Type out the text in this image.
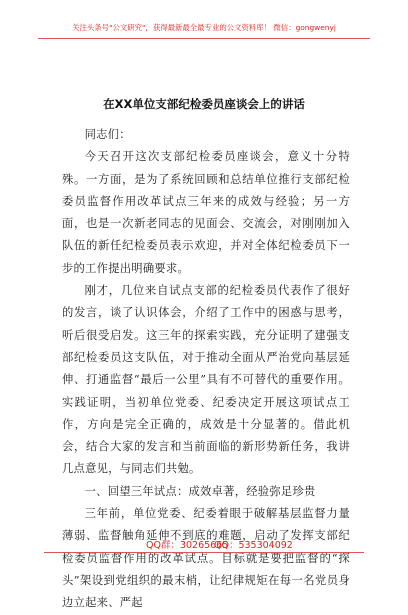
关注头条号"公文研究"，获得最新最全最专业的公文资料库！ 微信：gongwenyj
在XX单位支部纪检委员座谈会上的讲话

同志们：

今天召开这次支部纪检委员座谈会，意义十分特殊。一方面，是为了系统回顾和总结单位推行支部纪检委员监督作用改革试点三年来的成效与经验；另一方面，也是一次新老同志的见面会、交流会，对刚刚加入队伍的新任纪检委员表示欢迎，并对全体纪检委员下一步的工作提出明确要求。

刚才，几位来自试点支部的纪检委员代表作了很好的发言，谈了认识体会，介绍了工作中的困惑与思考，听后很受启发。这三年的探索实践，充分证明了建强支部纪检委员这支队伍，对于推动全面从严治党向基层延伸、打通监督“最后一公里”具有不可替代的重要作用。实践证明，当初单位党委、纪委决定开展这项试点工作，方向是完全正确的，成效是十分显著的。借此机会，结合大家的发言和当前面临的新形势新任务，我讲几点意见，与同志们共勉。

一、回望三年试点：成效卓著，经验弥足珍贵

三年前，单位党委、纪委着眼于破解基层监督力量薄弱、监督触角延伸不到底的难题，启动了发挥支部纪检委员监督作用的改革试点。目标就是要把监督的“探头”架设到党组织的最末梢，让纪律规矩在每一名党员身边立起来、严起

QQ群：30265665
QQ：535304092
